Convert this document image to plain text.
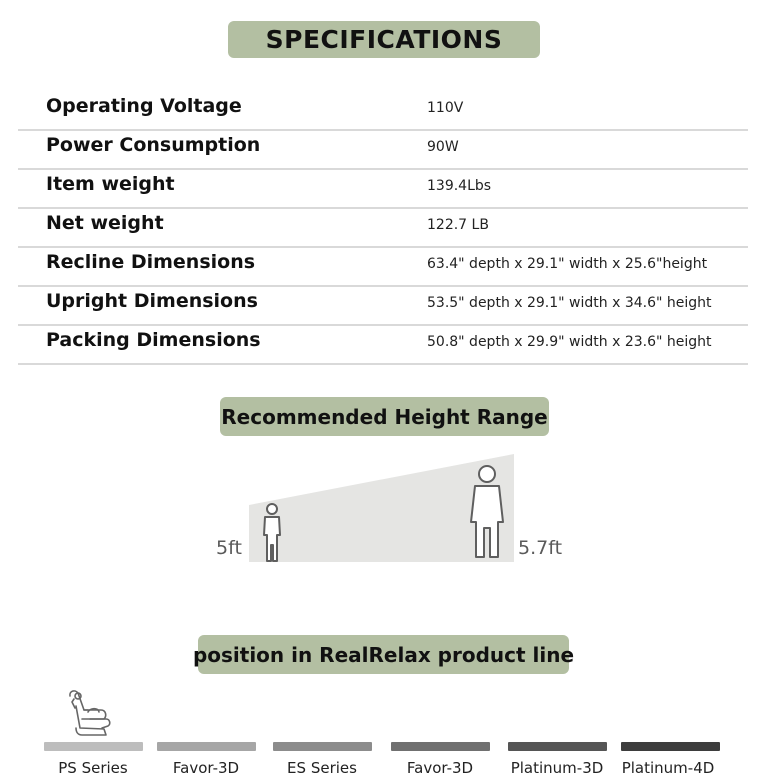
SPECIFICATIONS
Operating Voltage	110V
Power Consumption	90W
Item weight	139.4Lbs
Net weight	122.7 LB
Recline Dimensions	63.4" depth x 29.1" width x 25.6"height
Upright Dimensions	53.5" depth x 29.1" width x 34.6" height
Packing Dimensions	50.8" depth x 29.9" width x 23.6" height
Recommended Height Range
5ft	5.7ft
position in RealRelax product line
PS Series	Favor-3D	ES Series	Favor-3D	Platinum-3D	Platinum-4D
